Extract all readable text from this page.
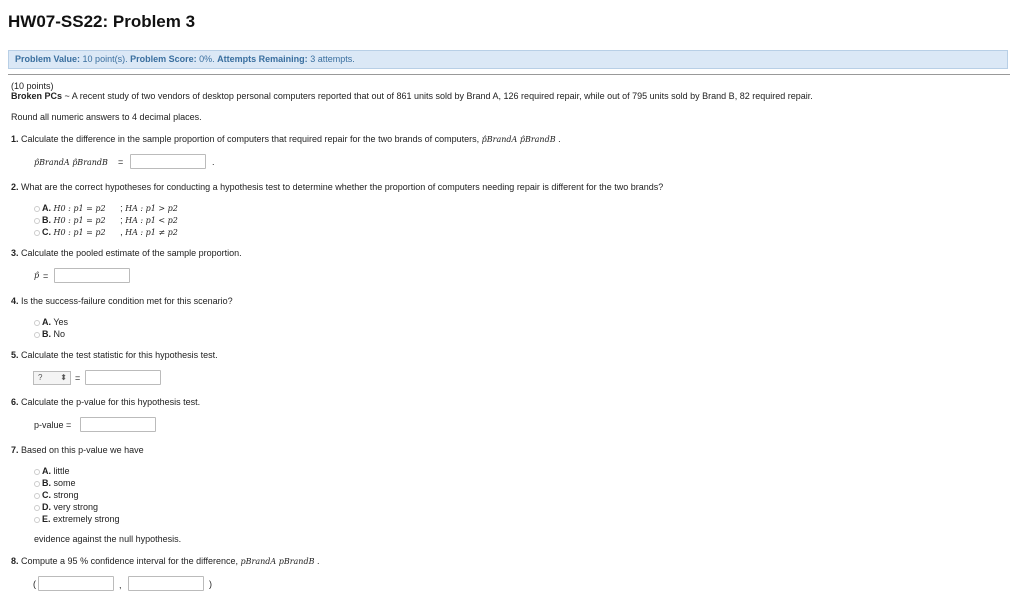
HW07-SS22: Problem 3
Problem Value: 10 point(s). Problem Score: 0%. Attempts Remaining: 3 attempts.
(10 points)
Broken PCs ~ A recent study of two vendors of desktop personal computers reported that out of 861 units sold by Brand A, 126 required repair, while out of 795 units sold by Brand B, 82 required repair.
Round all numeric answers to 4 decimal places.
1. Calculate the difference in the sample proportion of computers that required repair for the two brands of computers, p̂BrandA p̂BrandB .
p̂BrandA p̂BrandB =	.
2. What are the correct hypotheses for conducting a hypothesis test to determine whether the proportion of computers needing repair is different for the two brands?
A. H0 : p1 = p2 ; HA : p1 > p2
B. H0 : p1 = p2 ; HA : p1 < p2
C. H0 : p1 = p2 , HA : p1 ≠ p2
3. Calculate the pooled estimate of the sample proportion.
p̂ =
4. Is the success-failure condition met for this scenario?
A. Yes
B. No
5. Calculate the test statistic for this hypothesis test.
? ⬍ =
6. Calculate the p-value for this hypothesis test.
p-value =
7. Based on this p-value we have
A. little
B. some
C. strong
D. very strong
E. extremely strong
evidence against the null hypothesis.
8. Compute a 95 % confidence interval for the difference, pBrandA pBrandB .
(	,	)
